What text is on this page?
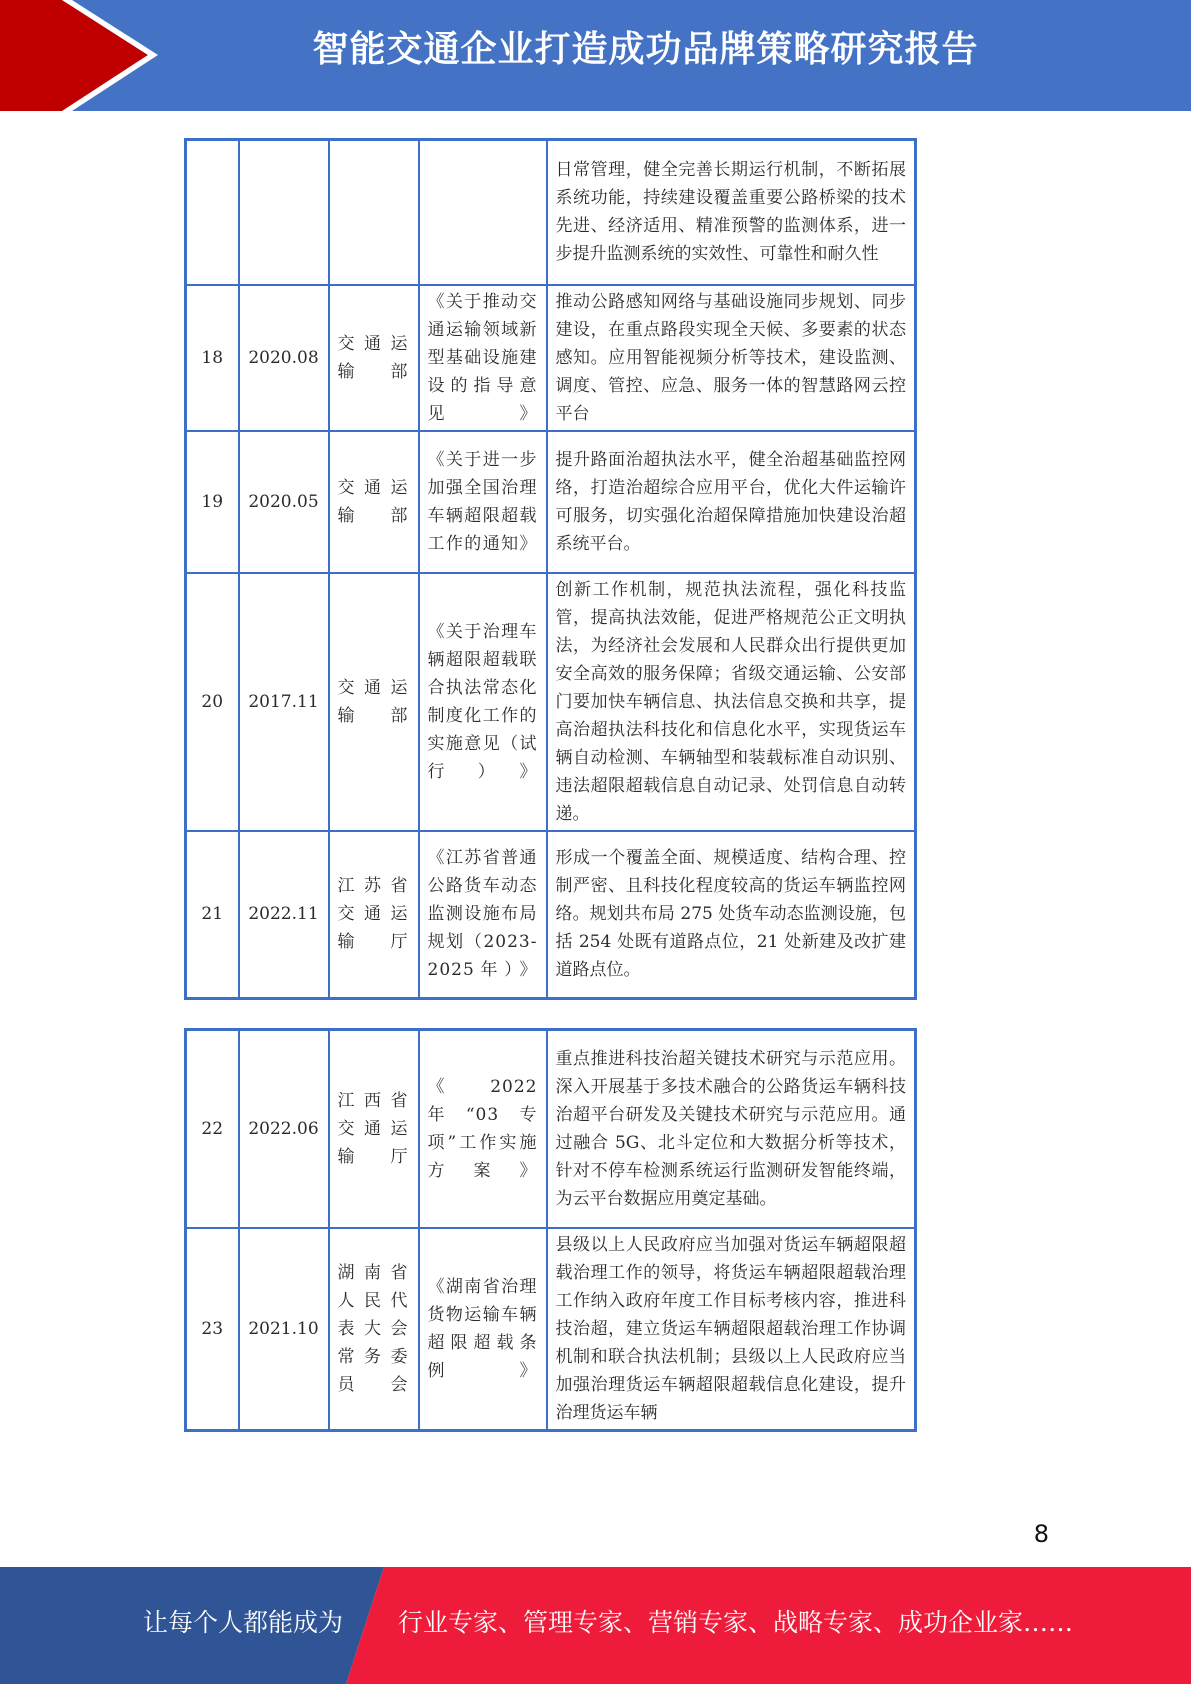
智能交通企业打造成功品牌策略研究报告
				日常管理，健全完善长期运行机制，不断拓展系统功能，持续建设覆盖重要公路桥梁的技术先进、经济适用、精准预警的监测体系，进一步提升监测系统的实效性、可靠性和耐久性
18	2020.08	交通运输部	《关于推动交通运输领域新型基础设施建设的指导意见》	推动公路感知网络与基础设施同步规划、同步建设，在重点路段实现全天候、多要素的状态感知。应用智能视频分析等技术，建设监测、调度、管控、应急、服务一体的智慧路网云控平台
19	2020.05	交通运输部	《关于进一步加强全国治理车辆超限超载工作的通知》	提升路面治超执法水平，健全治超基础监控网络，打造治超综合应用平台，优化大件运输许可服务，切实强化治超保障措施加快建设治超系统平台。
20	2017.11	交通运输部	《关于治理车辆超限超载联合执法常态化制度化工作的实施意见（试行）》	创新工作机制，规范执法流程，强化科技监管，提高执法效能，促进严格规范公正文明执法，为经济社会发展和人民群众出行提供更加安全高效的服务保障；省级交通运输、公安部门要加快车辆信息、执法信息交换和共享，提高治超执法科技化和信息化水平，实现货运车辆自动检测、车辆轴型和装载标准自动识别、违法超限超载信息自动记录、处罚信息自动转递。
21	2022.11	江苏省交通运输厅	《江苏省普通公路货车动态监测设施布局规划（2023-2025年）》	形成一个覆盖全面、规模适度、结构合理、控制严密、且科技化程度较高的货运车辆监控网络。规划共布局 275 处货车动态监测设施，包括 254 处既有道路点位，21 处新建及改扩建道路点位。
22	2022.06	江西省交通运输厅	《2022年“03专项”工作实施方案》	重点推进科技治超关键技术研究与示范应用。深入开展基于多技术融合的公路货运车辆科技治超平台研发及关键技术研究与示范应用。通过融合 5G、北斗定位和大数据分析等技术，针对不停车检测系统运行监测研发智能终端，为云平台数据应用奠定基础。
23	2021.10	湖南省人民代表大会常务委员会	《湖南省治理货物运输车辆超限超载条例》	县级以上人民政府应当加强对货运车辆超限超载治理工作的领导，将货运车辆超限超载治理工作纳入政府年度工作目标考核内容，推进科技治超，建立货运车辆超限超载治理工作协调机制和联合执法机制；县级以上人民政府应当加强治理货运车辆超限超载信息化建设，提升治理货运车辆
8
让每个人都能成为 行业专家、管理专家、营销专家、战略专家、成功企业家……
